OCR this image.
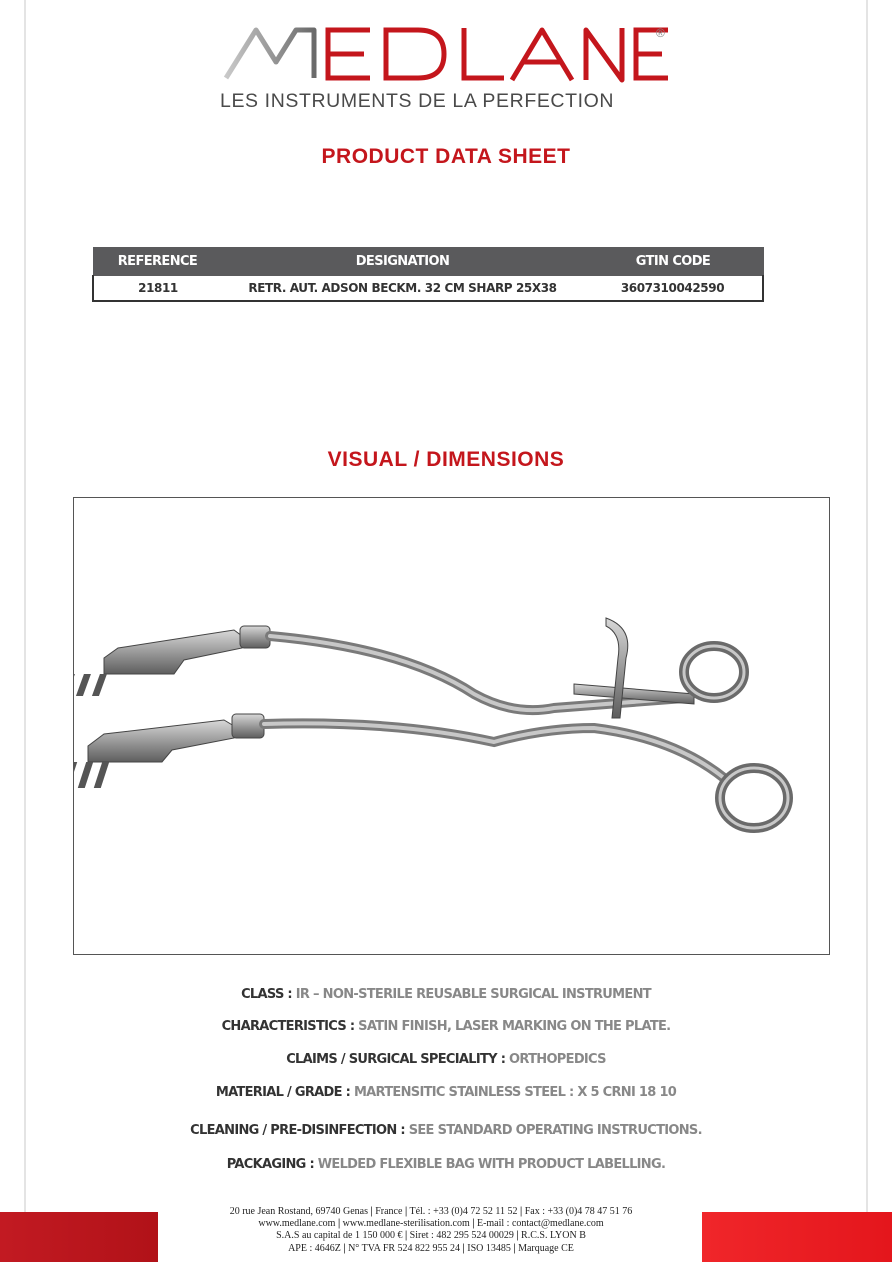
®
LES INSTRUMENTS DE LA PERFECTION
PRODUCT DATA SHEET
REFERENCE	DESIGNATION	GTIN CODE
21811	RETR. AUT. ADSON BECKM. 32 CM SHARP 25X38	3607310042590
VISUAL / DIMENSIONS
CLASS : IR – NON-STERILE REUSABLE SURGICAL INSTRUMENT
CHARACTERISTICS : SATIN FINISH, LASER MARKING ON THE PLATE.
CLAIMS / SURGICAL SPECIALITY : ORTHOPEDICS
MATERIAL / GRADE : MARTENSITIC STAINLESS STEEL : X 5 CRNI 18 10
CLEANING / PRE-DISINFECTION : SEE STANDARD OPERATING INSTRUCTIONS.
PACKAGING : WELDED FLEXIBLE BAG WITH PRODUCT LABELLING.
20 rue Jean Rostand, 69740 Genas | France | Tél. : +33 (0)4 72 52 11 52 | Fax : +33 (0)4 78 47 51 76
www.medlane.com | www.medlane-sterilisation.com | E-mail : contact@medlane.com
S.A.S au capital de 1 150 000 € | Siret : 482 295 524 00029 | R.C.S. LYON B
APE : 4646Z | N° TVA FR 524 822 955 24 | ISO 13485 | Marquage CE
